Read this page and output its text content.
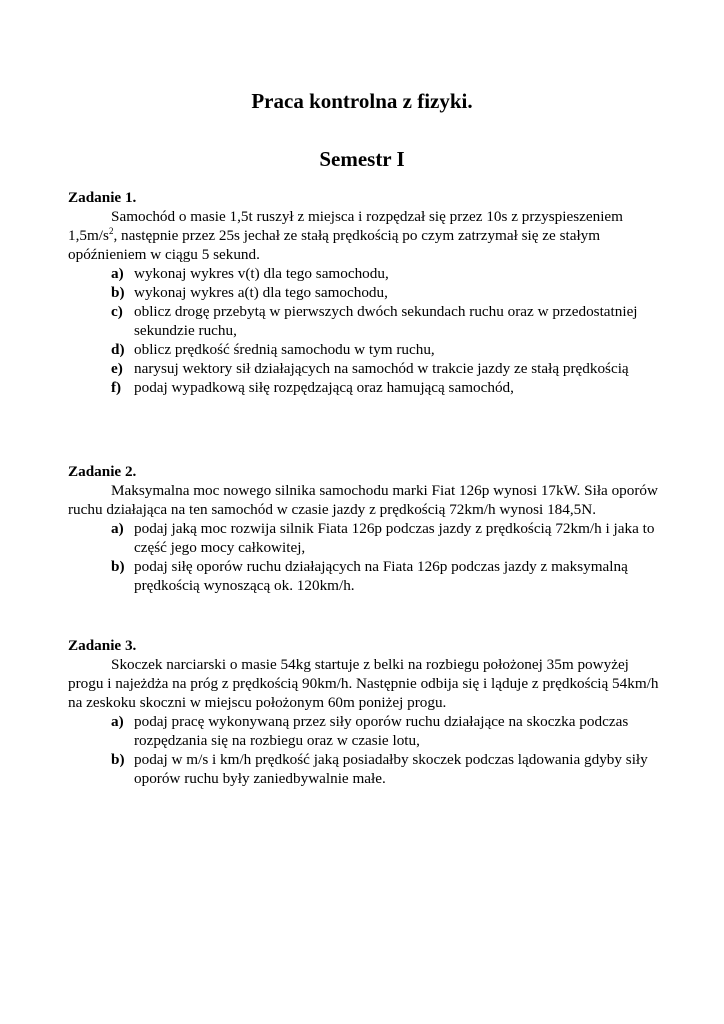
Praca kontrolna z fizyki.
Semestr I

Zadanie 1.

Samochód o masie 1,5t ruszył z miejsca i rozpędzał się przez 10s z przyspieszeniem $1,5m/s^2$, następnie przez 25s jechał ze stałą prędkością po czym zatrzymał się ze stałym opóźnieniem w ciągu 5 sekund.

a) wykonaj wykres v(t) dla tego samochodu,
b) wykonaj wykres a(t) dla tego samochodu,
c) oblicz drogę przebytą w pierwszych dwóch sekundach ruchu oraz w przedostatniej sekundzie ruchu,
d) oblicz prędkość średnią samochodu w tym ruchu,
e) narysuj wektory sił działających na samochód w trakcie jazdy ze stałą prędkością
f) podaj wypadkową siłę rozpędzającą oraz hamującą samochód,

Zadanie 2.

Maksymalna moc nowego silnika samochodu marki Fiat 126p wynosi 17kW. Siła oporów ruchu działająca na ten samochód w czasie jazdy z prędkością 72km/h wynosi 184,5N.

a) podaj jaką moc rozwija silnik Fiata 126p podczas jazdy z prędkością 72km/h i jaka to część jego mocy całkowitej,
b) podaj siłę oporów ruchu działających na Fiata 126p podczas jazdy z maksymalną prędkością wynoszącą ok. 120km/h.

Zadanie 3.

Skoczek narciarski o masie 54kg startuje z belki na rozbiegu położonej 35m powyżej progu i najeżdża na próg z prędkością 90km/h. Następnie odbija się i ląduje z prędkością 54km/h na zeskoku skoczni w miejscu położonym 60m poniżej progu.

a) podaj pracę wykonywaną przez siły oporów ruchu działające na skoczka podczas rozpędzania się na rozbiegu oraz w czasie lotu,
b) podaj w m/s i km/h prędkość jaką posiadałby skoczek podczas lądowania gdyby siły oporów ruchu były zaniedbywalnie małe.
